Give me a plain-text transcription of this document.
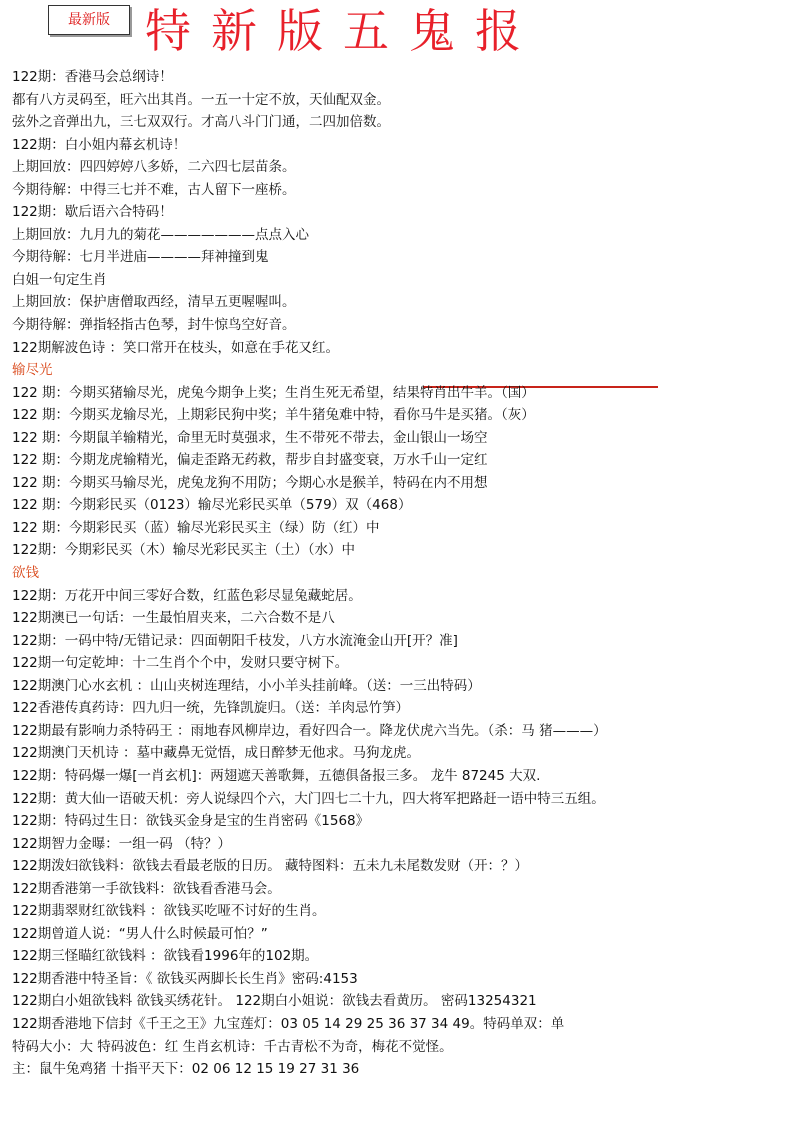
最新版 特新版五鬼报
122期：香港马会总纲诗！
都有八方灵码至，旺六出其肖。一五一十定不放，天仙配双金。
弦外之音弹出九，三七双双行。才高八斗门门通，二四加倍数。
122期：白小姐内幕玄机诗！
上期回放：四四婷婷八多娇，二六四七层苗条。
今期待解：中得三七并不难，古人留下一座桥。
122期：歇后语六合特码！
上期回放：九月九的菊花———————点点入心
今期待解：七月半进庙————拜神撞到鬼
白姐一句定生肖
上期回放：保护唐僧取西经，清早五更喔喔叫。
今期待解：弹指轻指古色琴，封牛惊鸟空好音。
122期解波色诗 ：笑口常开在枝头，如意在手花又红。
输尽光
122 期：今期买猪输尽光，虎兔今期争上奖；生肖生死无希望，结果特肖出牛羊。（国）
122 期：今期买龙输尽光，上期彩民狗中奖；羊牛猪兔难中特，看你马牛是买猪。（灰）
122 期：今期鼠羊输精光，命里无时莫强求，生不带死不带去，金山银山一场空
122 期：今期龙虎输精光，偏走歪路无药救，帮步自封盛变衰，万水千山一定红
122 期：今期买马输尽光，虎兔龙狗不用防；今期心水是猴羊，特码在内不用想
122 期：今期彩民买（0123）输尽光彩民买单（579）双（468）
122 期：今期彩民买（蓝）输尽光彩民买主（绿）防（红）中
122期：今期彩民买（木）输尽光彩民买主（土）（水）中
欲钱
122期：万花开中间三零好合数，红蓝色彩尽显兔藏蛇居。
122期澳已一句话：一生最怕眉夹来，二六合数不是八
122期：一码中特/无错记录：四面朝阳千枝发，八方水流淹金山开[开？准]
122期一句定乾坤：十二生肖个个中，发财只要守树下。
122期澳门心水玄机 ：山山夹树连理结，小小羊头挂前峰。（送：一三出特码）
122香港传真药诗：四九归一统，先锋凯旋归。（送：羊肉忌竹笋）
122期最有影响力杀特码王 ：雨地春风柳岸边，看好四合一。降龙伏虎六当先。（杀：马 猪———）
122期澳门天机诗 ：墓中藏鼻无觉悟，成日醉梦无他求。马狗龙虎。
122期：特码爆一爆[一肖玄机]：两翅遮天善歌舞，五德俱备报三多。 龙牛 87245 大双.
122期：黄大仙一语破天机：旁人说绿四个六，大门四七二十九，四大将军把路赶一语中特三五组。
122期：特码过生日：欲钱买金身是宝的生肖密码《1568》
122期智力金曝：一组一码 （特？）
122期泼妇欲钱料：欲钱去看最老版的日历。 藏特图料：五未九未尾数发财（开：？）
122期香港第一手欲钱料：欲钱看香港马会。
122期翡翠财红欲钱料 ：欲钱买吃哑不讨好的生肖。
122期曾道人说：“男人什么时候最可怕？”
122期三怪瞄红欲钱料 ：欲钱看1996年的102期。
122期香港中特圣旨：《 欲钱买两脚长长生肖》密码:4153
122期白小姐欲钱料 欲钱买绣花针。 122期白小姐说：欲钱去看黄历。 密码13254321
122期香港地下信封《千王之王》九宝莲灯：03 05 14 29 25 36 37 34 49。特码单双：单
特码大小：大 特码波色：红 生肖玄机诗：千古青松不为奇，梅花不觉怪。
主：鼠牛兔鸡猪 十指平天下：02 06 12 15 19 27 31 36
